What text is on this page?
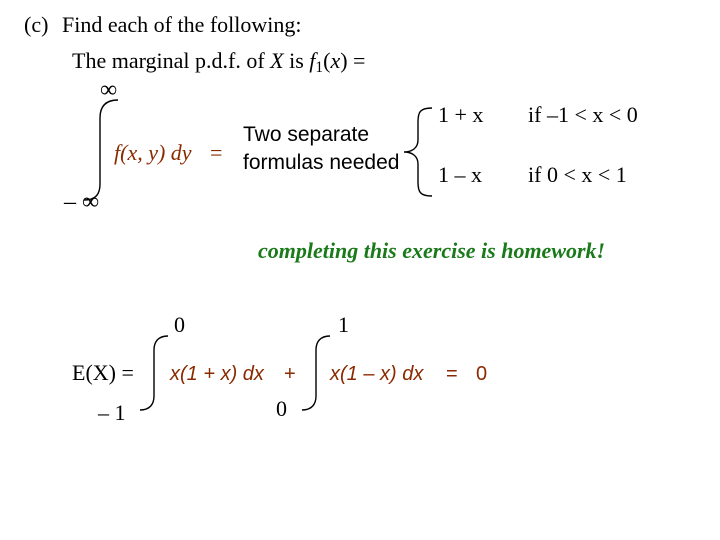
(c) Find each of the following:
The marginal p.d.f. of X is $f_1(x)$ =
∞
– ∞
f(x, y) dy =
Two separate
formulas needed
1 + x if –1 < x < 0
1 – x if 0 < x < 1
completing this exercise is homework!
E(X) =
0
– 1
x(1 + x) dx +
1
0
x(1 – x) dx = 0
